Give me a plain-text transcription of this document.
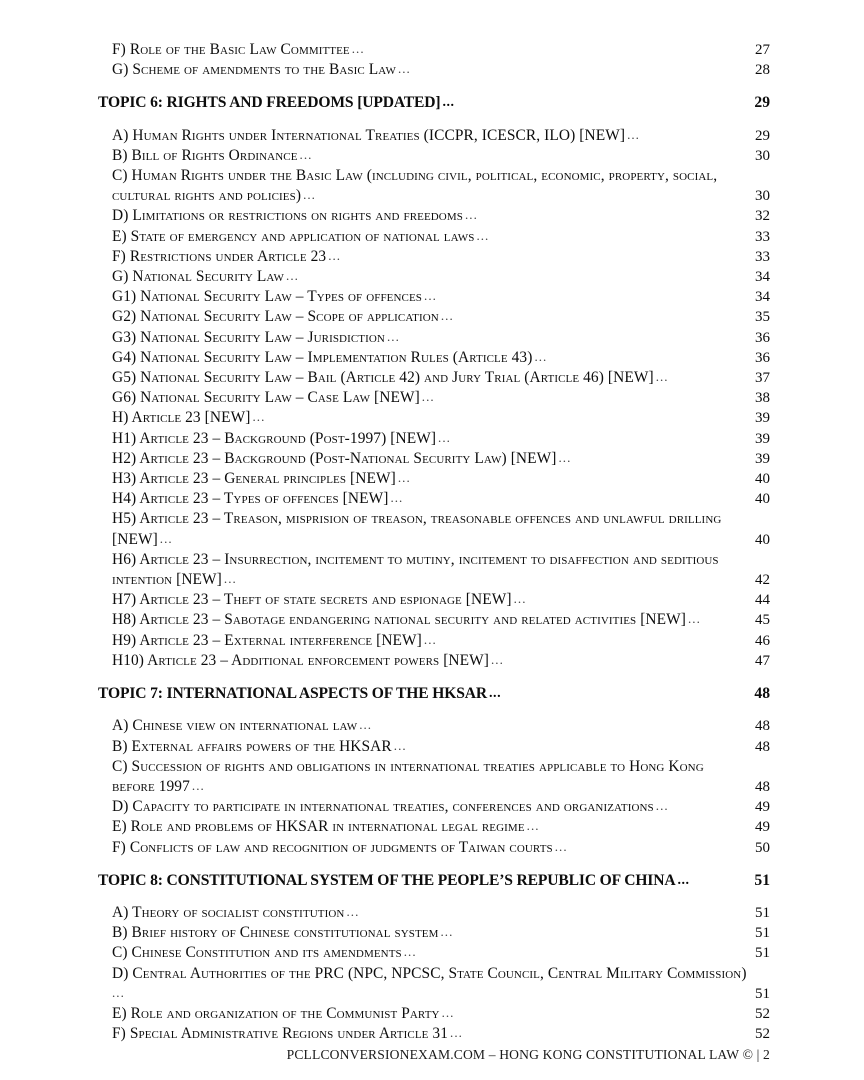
F) Role of the Basic Law Committee ...	27
G) Scheme of amendments to the Basic Law ...	28
TOPIC 6: RIGHTS AND FREEDOMS [UPDATED] ...	29
A) Human Rights under International Treaties (ICCPR, ICESCR, ILO) [NEW] ...	29
B) Bill of Rights Ordinance ...	30
C) Human Rights under the Basic Law (including civil, political, economic, property, social,
cultural rights and policies) ...	30
D) Limitations or restrictions on rights and freedoms ...	32
E) State of emergency and application of national laws ...	33
F) Restrictions under Article 23 ...	33
G) National Security Law ...	34
G1) National Security Law – Types of offences ...	34
G2) National Security Law – Scope of application ...	35
G3) National Security Law – Jurisdiction ...	36
G4) National Security Law – Implementation Rules (Article 43) ...	36
G5) National Security Law – Bail (Article 42) and Jury Trial (Article 46) [NEW] ...	37
G6) National Security Law – Case Law [NEW] ...	38
H) Article 23 [NEW] ...	39
H1) Article 23 – Background (Post-1997) [NEW] ...	39
H2) Article 23 – Background (Post-National Security Law) [NEW] ...	39
H3) Article 23 – General principles [NEW] ...	40
H4) Article 23 – Types of offences [NEW] ...	40
H5) Article 23 – Treason, misprision of treason, treasonable offences and unlawful drilling
[NEW] ...	40
H6) Article 23 – Insurrection, incitement to mutiny, incitement to disaffection and seditious
intention [NEW] ...	42
H7) Article 23 – Theft of state secrets and espionage [NEW] ...	44
H8) Article 23 – Sabotage endangering national security and related activities [NEW] ...	45
H9) Article 23 – External interference [NEW] ...	46
H10) Article 23 – Additional enforcement powers [NEW] ...	47
TOPIC 7: INTERNATIONAL ASPECTS OF THE HKSAR ...	48
A) Chinese view on international law ...	48
B) External affairs powers of the HKSAR ...	48
C) Succession of rights and obligations in international treaties applicable to Hong Kong
before 1997 ...	48
D) Capacity to participate in international treaties, conferences and organizations ...	49
E) Role and problems of HKSAR in international legal regime ...	49
F) Conflicts of law and recognition of judgments of Taiwan courts ...	50
TOPIC 8: CONSTITUTIONAL SYSTEM OF THE PEOPLE’S REPUBLIC OF CHINA ...	51
A) Theory of socialist constitution ...	51
B) Brief history of Chinese constitutional system ...	51
C) Chinese Constitution and its amendments ...	51
D) Central Authorities of the PRC (NPC, NPCSC, State Council, Central Military Commission)
...	51
E) Role and organization of the Communist Party ...	52
F) Special Administrative Regions under Article 31 ...	52
PCLLCONVERSIONEXAM.COM – HONG KONG CONSTITUTIONAL LAW © | 2
